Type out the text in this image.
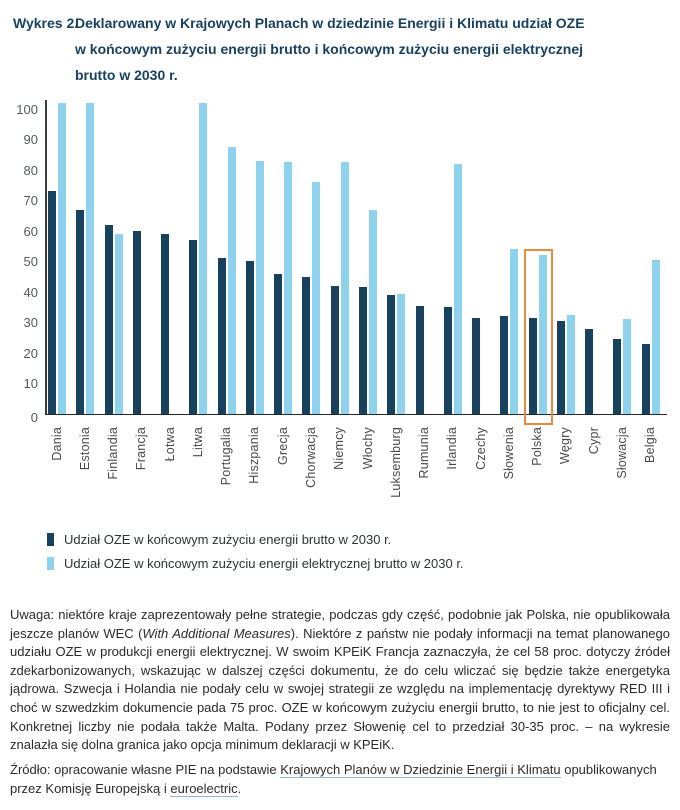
Wykres 2.
Deklarowany w Krajowych Planach w dziedzinie Energii i Klimatu udział OZE
w końcowym zużyciu energii brutto i końcowym zużyciu energii elektrycznej
brutto w 2030 r.
0
10
20
30
40
50
60
70
80
90
100
Dania Estonia Finlandia Francja Łotwa Litwa Portugalia Hiszpania Grecja Chorwacja Niemcy Włochy Luksemburg Rumunia Irlandia Czechy Słowenia Polska Węgry Cypr Słowacja Belgia
Udział OZE w końcowym zużyciu energii brutto w 2030 r.
Udział OZE w końcowym zużyciu energii elektrycznej brutto w 2030 r.

Uwaga: niektóre kraje zaprezentowały pełne strategie, podczas gdy część, podobnie jak Polska, nie opublikowała jeszcze planów WEC (With Additional Measures). Niektóre z państw nie podały informacji na temat planowanego udziału OZE w produkcji energii elektrycznej. W swoim KPEiK Francja zaznaczyła, że cel 58 proc. dotyczy źródeł zdekarbonizowanych, wskazując w dalszej części dokumentu, że do celu wliczać się będzie także energetyka jądrowa. Szwecja i Holandia nie podały celu w swojej strategii ze względu na implementację dyrektywy RED III i choć w szwedzkim dokumencie pada 75 proc. OZE w końcowym zużyciu energii brutto, to nie jest to oficjalny cel. Konkretnej liczby nie podała także Malta. Podany przez Słowenię cel to przedział 30-35 proc. – na wykresie znalazła się dolna granica jako opcja minimum deklaracji w KPEiK.

Źródło: opracowanie własne PIE na podstawie Krajowych Planów w Dziedzinie Energii i Klimatu opublikowanych przez Komisję Europejską i euroelectric.
